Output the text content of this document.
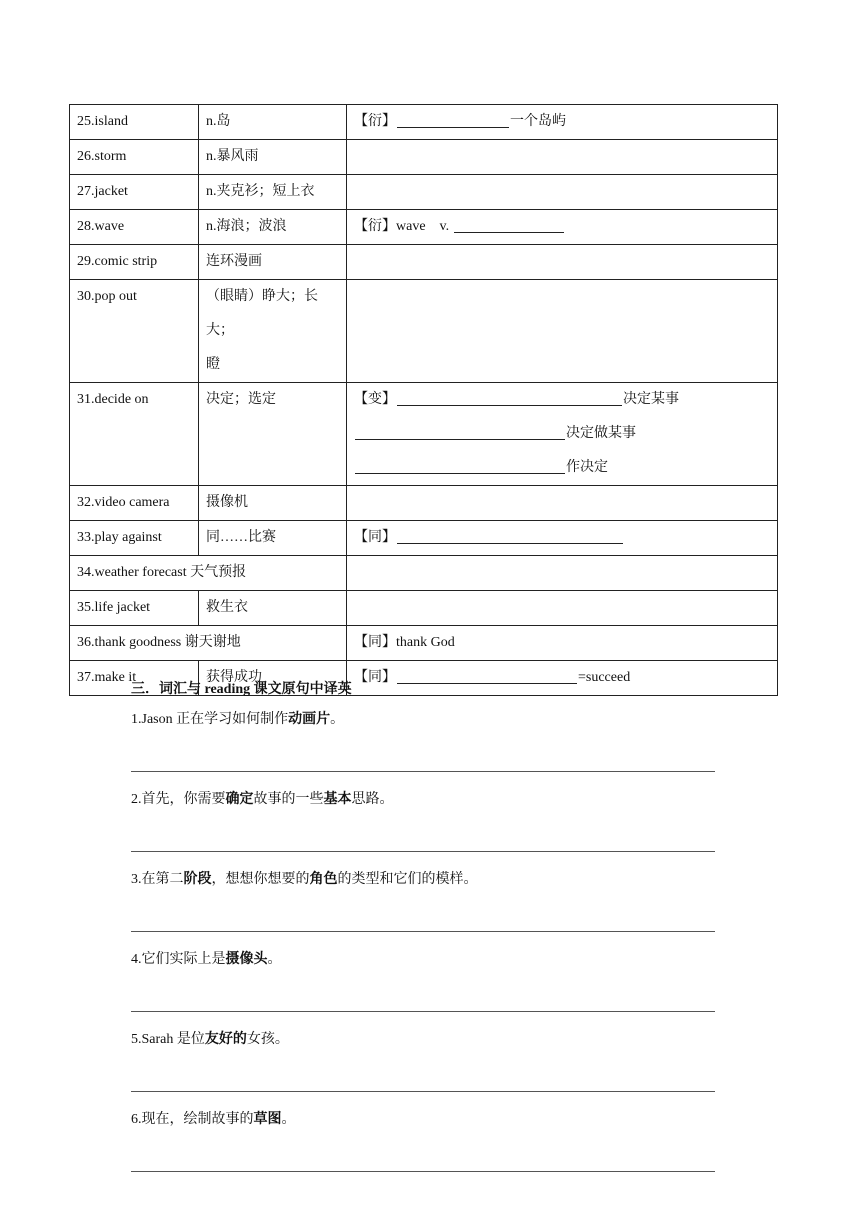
25.island	n.岛	【衍】 一个岛屿
26.storm	n.暴风雨	
27.jacket	n.夹克衫；短上衣	
28.wave	n.海浪；波浪	【衍】wave　v.
29.comic strip	连环漫画	
30.pop out	（眼睛）睁大；长大；
瞪	

31.decide on	决定；选定	【变】 决定某事
决定做某事
作决定

32.video camera	摄像机	
33.play against	同……比赛	【同】
34.weather forecast 天气预报		
35.life jacket	救生衣	
36.thank goodness 谢天谢地		【同】thank God
37.make it	获得成功	【同】 =succeed
三．词汇与 reading 课文原句中译英
1.Jason 正在学习如何制作动画片。
2.首先，你需要确定故事的一些基本思路。
3.在第二阶段，想想你想要的角色的类型和它们的模样。
4.它们实际上是摄像头。
5.Sarah 是位友好的女孩。
6.现在，绘制故事的草图。
